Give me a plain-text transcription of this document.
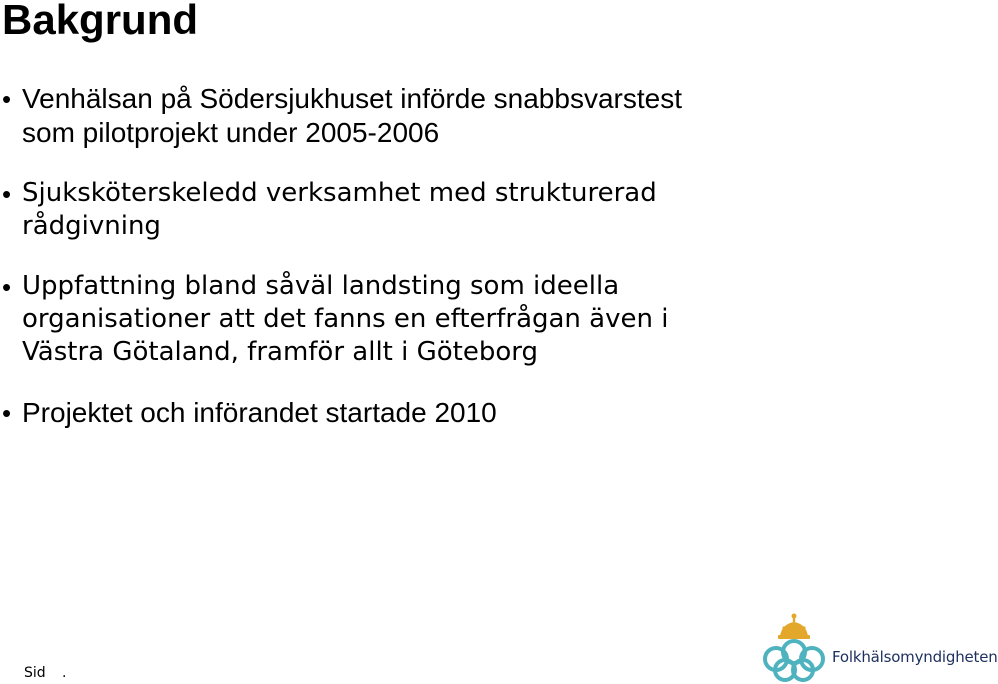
Bakgrund
• Venhälsan på Södersjukhuset införde snabbsvarstest som pilotprojekt under 2005-2006
• Sjuksköterskeledd verksamhet med strukturerad rådgivning
• Uppfattning bland såväl landsting som ideella organisationer att det fanns en efterfrågan även i Västra Götaland, framför allt i Göteborg
• Projektet och införandet startade 2010
Sid .
Folkhälsomyndigheten
